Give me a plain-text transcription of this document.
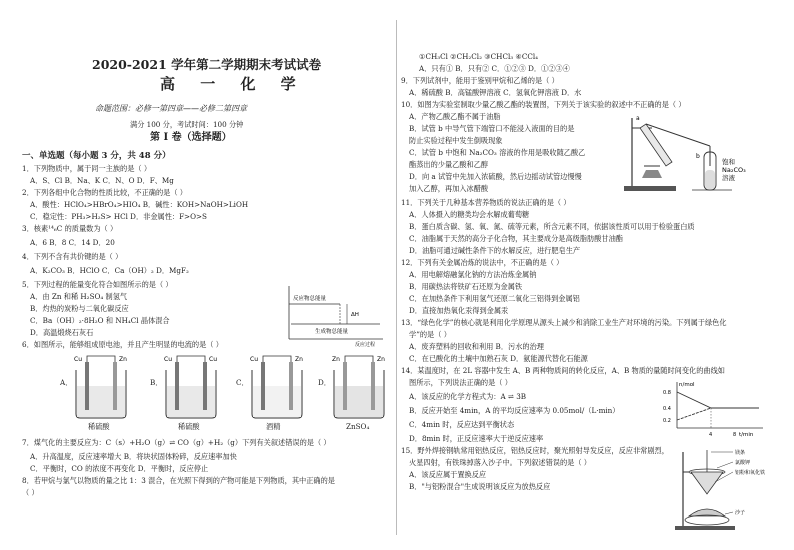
2020-2021 学年第二学期期末考试试卷
高 一 化 学
命题范围：必修一第四章——必修二第四章
满分 100 分，考试时间：100 分钟
第 I 卷（选择题）
一、单选题（每小题 3 分，共 48 分）
1．下列物质中，属于同一主族的是（ ）
A．S、Cl B．Na、K C．N、O D．F、Mg
2．下列各组中化合物的性质比较，不正确的是（ ）
A．酸性：HClO₄>HBrO₄>HIO₄ B．碱性：KOH>NaOH>LiOH
C．稳定性：PH₃>H₂S> HCl D．非金属性：F>O>S
3．核素¹⁴₆C 的质量数为（ ）
A．6 B．8 C．14 D．20
4．下列不含有共价键的是（ ）
A．K₂CO₃ B．HClO C．Ca（OH）₂ D．MgF₂
5．下列过程的能量变化符合如图所示的是（ ）
A．由 Zn 和稀 H₂SO₄ 制氢气
B．灼热的炭粉与二氧化碳反应
C．Ba（OH）₂·8H₂O 和 NH₄Cl 晶体混合
D．高温煅烧石灰石
6．如图所示，能够组成原电池，并且产生明显的电流的是（ ）
反应物总能量
ΔH
生成物总能量
反应过程
A．
Cu	Zn
稀硫酸
B．
Cu	Cu
稀硫酸
C．
Cu	Zn
酒精
D．
Zn	Zn
ZnSO₄
7．煤气化的主要反应为：C（s）+H₂O（g）⇌ CO（g）+H₂（g）下列有关叙述错误的是（ ）
A．升高温度，反应速率增大 B．将块状固体粉碎，反应速率加快
C．平衡时，CO 的浓度不再变化 D．平衡时，反应停止
8．若甲烷与氯气以物质的量之比 1：3 混合，在光照下得到的产物可能是下列物质，其中正确的是
（ ）
①CH₃Cl ②CH₂Cl₂ ③CHCl₃ ④CCl₄
A．只有① B．只有② C．①②③ D．①②③④
9．下列试剂中，能用于鉴别甲烷和乙烯的是（ ）
A．稀硫酸 B．高锰酸钾溶液 C．氢氧化钾溶液 D．水
10．如图为实验室制取少量乙酸乙酯的装置图，下列关于该实验的叙述中不正确的是（ ）
A．产物乙酸乙酯不属于油脂
B．试管 b 中导气管下端管口不能浸入液面的目的是
防止实验过程中发生倒吸现象
C．试管 b 中饱和 Na₂CO₃ 溶液的作用是吸收随乙酸乙
酯蒸出的少量乙酸和乙醇
D．向 a 试管中先加入浓硫酸，然后边摇动试管边慢慢
加入乙醇，再加入冰醋酸
a
b
饱和 Na₂CO₃ 溶液
11．下列关于几种基本营养物质的说法正确的是（ ）
A．人体摄入的糖类均会水解成葡萄糖
B．蛋白质含碳、氢、氧、氮、硫等元素，所含元素不同，依据该性质可以用于检验蛋白质
C．油脂属于天然的高分子化合物，其主要成分是高级脂肪酸甘油酯
D．油脂可通过碱性条件下的水解反应，进行肥皂生产
12．下列有关金属冶炼的说法中，不正确的是（ ）
A．用电解熔融氯化钠的方法冶炼金属钠
B．用碳热法将铁矿石还原为金属铁
C．在加热条件下利用氢气还原二氧化三铝得到金属铝
D．直接加热氧化汞得到金属汞
13．“绿色化学”的核心就是利用化学原理从源头上减少和消除工业生产对环境的污染。下列属于绿色化
学”的是（ ）
A．废弃塑料的回收和利用 B．污水的治理
C．在已酸化的土壤中加熟石灰 D．氨能源代替化石能源
14．某温度时，在 2L 容器中发生 A、B 两种物质间的转化反应，A、B 物质的量随时间变化的曲线如
图所示，下列说法正确的是（ ）
A．该反应的化学方程式为：A ⇌ 3B
B．反应开始至 4min，A 的平均反应速率为 0.05mol/（L·min）
C．4min 时，反应达到平衡状态
D．8min 时，正反应速率大于逆反应速率
n/mol
t/min
0.8
0.4
0.2
4	8
15．野外焊接钢轨常用铝热反应，铝热反应时，聚光照射导发反应，反应非常剧烈，
火星四射，有铁珠掉落入沙子中。下列叙述错误的是（ ）
A．该反应属于置换反应
B．"与铝粉混合"生成说明该反应为放热反应
镁条
氯酸钾
铝粉和氧化铁
沙子
